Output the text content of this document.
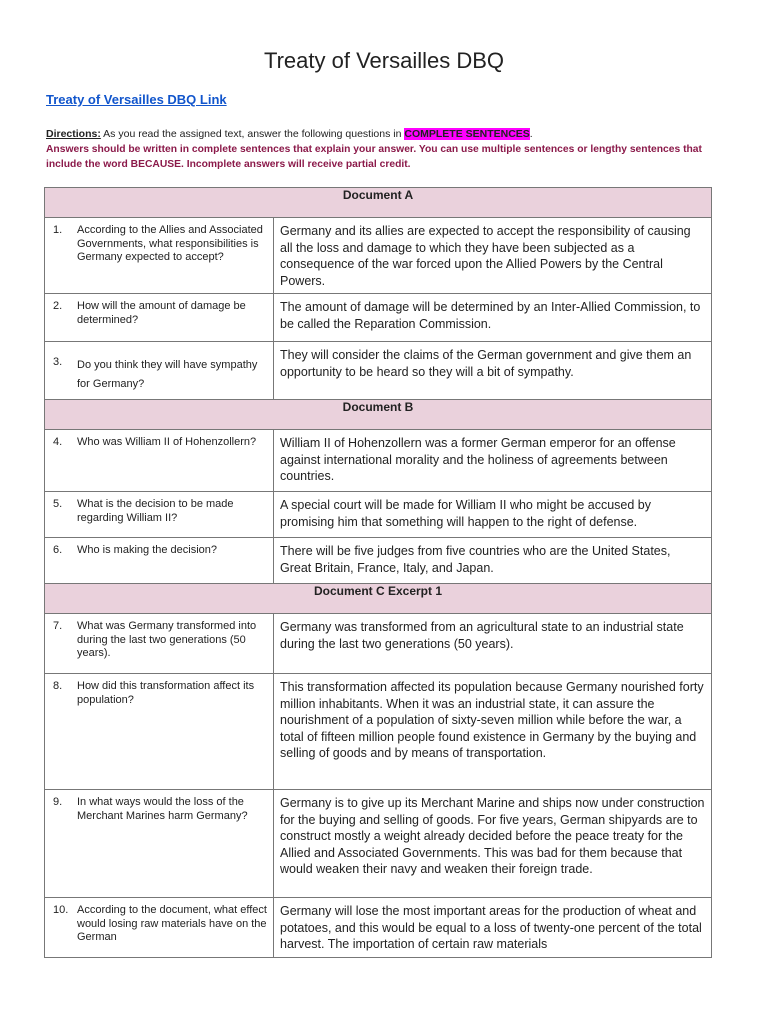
Treaty of Versailles DBQ
Treaty of Versailles DBQ Link
Directions: As you read the assigned text, answer the following questions in COMPLETE SENTENCES.
Answers should be written in complete sentences that explain your answer. You can use multiple sentences or lengthy sentences that include the word BECAUSE. Incomplete answers will receive partial credit.
Document A	

1. According to the Allies and Associated Governments, what responsibilities is Germany expected to accept?	Germany and its allies are expected to accept the responsibility of causing all the loss and damage to which they have been subjected as a consequence of the war forced upon the Allied Powers by the Central Powers.

2. How will the amount of damage be determined?	The amount of damage will be determined by an Inter-Allied Commission, to be called the Reparation Commission.

3. Do you think they will have sympathy for Germany?	They will consider the claims of the German government and give them an opportunity to be heard so they will a bit of sympathy.
Document B	

4. Who was William II of Hohenzollern?	William II of Hohenzollern was a former German emperor for an offense against international morality and the holiness of agreements between countries.

5. What is the decision to be made regarding William II?	A special court will be made for William II who might be accused by promising him that something will happen to the right of defense.

6. Who is making the decision?	There will be five judges from five countries who are the United States, Great Britain, France, Italy, and Japan.
Document C Excerpt 1	

7. What was Germany transformed into during the last two generations (50 years).	Germany was transformed from an agricultural state to an industrial state during the last two generations (50 years).

8. How did this transformation affect its population?	This transformation affected its population because Germany nourished forty million inhabitants. When it was an industrial state, it can assure the nourishment of a population of sixty-seven million while before the war, a total of fifteen million people found existence in Germany by the buying and selling of goods and by means of transportation.

9. In what ways would the loss of the Merchant Marines harm Germany?	Germany is to give up its Merchant Marine and ships now under construction for the buying and selling of goods. For five years, German shipyards are to construct mostly a weight already decided before the peace treaty for the Allied and Associated Governments. This was bad for them because that would weaken their navy and weaken their foreign trade.

10. According to the document, what effect would losing raw materials have on the German	Germany will lose the most important areas for the production of wheat and potatoes, and this would be equal to a loss of twenty-one percent of the total harvest. The importation of certain raw materials
